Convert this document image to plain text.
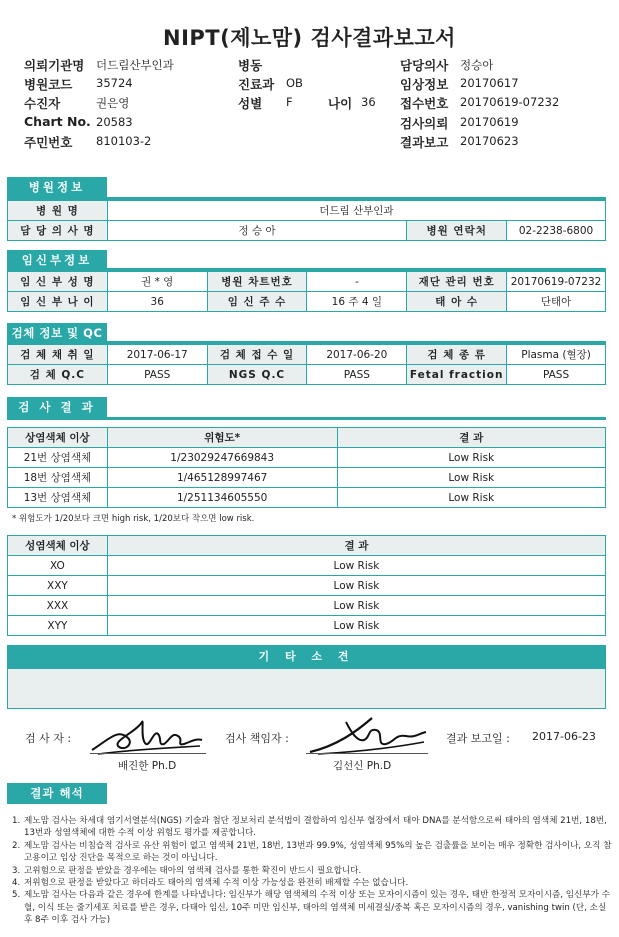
NIPT(제노맘) 검사결과보고서
의뢰기관명 더드림산부인과	병동	담당의사 정승아
병원코드 35724	진료과 OB	임상정보 20170617
수진자	권은영	성별 F	나이 36 접수번호 20170619-07232
Chart No. 20583	검사의뢰 20170619
주민번호 810103-2	결과보고 20170623
병원정보
병 원 명	더드림 산부인과		
담 당 의 사 명	정 승 아	병원 연락처	02-2238-6800
임신부정보
임 신 부 성 명	권 * 영	병원 차트번호	-	재단 관리 번호	20170619-07232
임 신 부 나 이	36	임 신 주 수	16 주 4 일	태 아 수	단태아
검체 정보 및 QC
검 체 채 취 일	2017-06-17	검 체 접 수 일	2017-06-20	검 체 종 류	Plasma (혈장)
검 체 Q.C	PASS	NGS Q.C	PASS	Fetal fraction	PASS
검 사 결 과
상염색체 이상	위험도*	결 과
21번 상염색체	1/23029247669843	Low Risk
18번 상염색체	1/465128997467	Low Risk
13번 상염색체	1/251134605550	Low Risk
* 위험도가 1/20보다 크면 high risk, 1/20보다 작으면 low risk.
성염색체 이상	결 과
XO	Low Risk
XXY	Low Risk
XXX	Low Risk
XYY	Low Risk
기 타 소 견
검 사 자 :
배진한 Ph.D
검사 책임자 :
김선신 Ph.D
결과 보고일 : 2017-06-23
결과 해석
1. 제노맘 검사는 차세대 염기서열분석(NGS) 기술과 첨단 정보처리 분석법이 결합하여 임신부 혈장에서 태아 DNA를 분석함으로써 태아의 염색체 21번, 18번, 13번과 성염색체에 대한 수적 이상 위험도 평가를 제공합니다.
2. 제노맘 검사는 비침습적 검사로 유산 위험이 없고 염색체 21번, 18번, 13번과 99.9%, 성염색체 95%의 높은 검출률을 보이는 매우 정확한 검사이나, 오직 참고용이고 임상 진단을 목적으로 하는 것이 아닙니다.
3. 고위험으로 판정을 받았을 경우에는 태아의 염색체 검사를 통한 확진이 반드시 필요합니다.
4. 저위험으로 판정을 받았다고 하더라도 태아의 염색체 수적 이상 가능성을 완전히 배제할 수는 없습니다.
5. 제노맘 검사는 다음과 같은 경우에 한계를 나타냅니다: 임신부가 해당 염색체의 수적 이상 또는 모자이시즘이 있는 경우, 태반 한정적 모자이시즘, 임신부가 수혈, 이식 또는 줄기세포 치료를 받은 경우, 다태아 임신, 10주 미만 임신부, 태아의 염색체 미세결실/중복 혹은 모자이시즘의 경우, vanishing twin (단, 소실 후 8주 이후 검사 가능)
